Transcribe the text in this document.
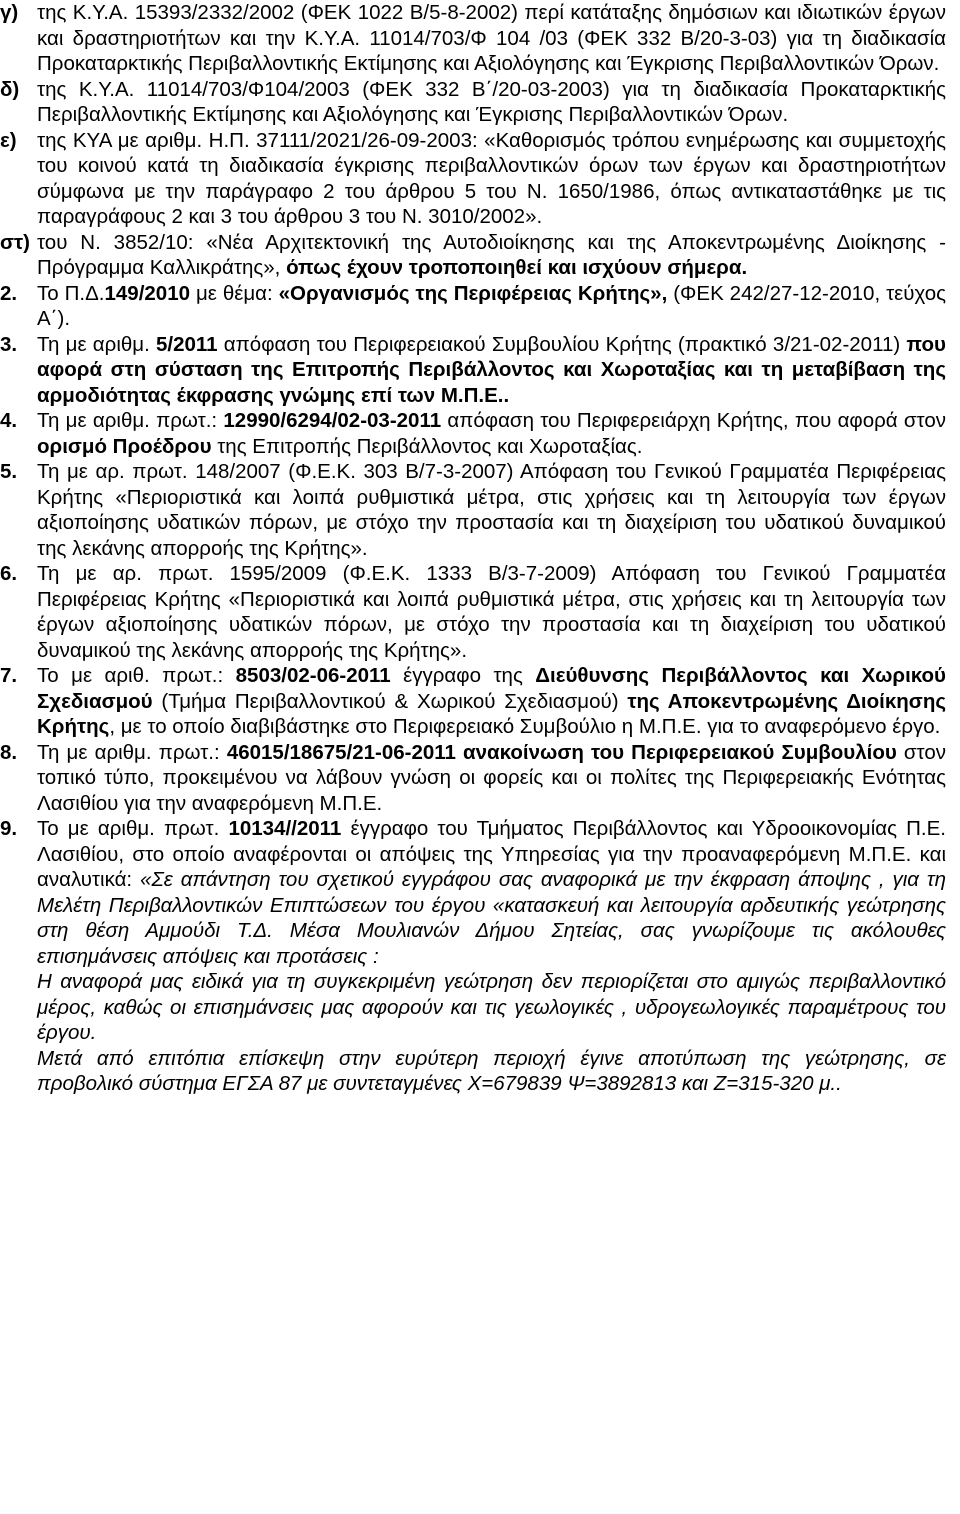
γ) της Κ.Υ.Α. 15393/2332/2002 (ΦΕΚ 1022 Β/5-8-2002) περί κατάταξης δημόσιων και ιδιωτικών έργων και δραστηριοτήτων και την Κ.Υ.Α. 11014/703/Φ 104 /03 (ΦΕΚ 332 Β/20-3-03) για τη διαδικασία Προκαταρκτικής Περιβαλλοντικής Εκτίμησης και Αξιολόγησης και Έγκρισης Περιβαλλοντικών Όρων.
δ) της Κ.Υ.Α. 11014/703/Φ104/2003 (ΦΕΚ 332 Β΄/20-03-2003) για τη διαδικασία Προκαταρκτικής Περιβαλλοντικής Εκτίμησης και Αξιολόγησης και Έγκρισης Περιβαλλοντικών Όρων.
ε) της ΚΥΑ με αριθμ. Η.Π. 37111/2021/26-09-2003: «Καθορισμός τρόπου ενημέρωσης και συμμετοχής του κοινού κατά τη διαδικασία έγκρισης περιβαλλοντικών όρων των έργων και δραστηριοτήτων σύμφωνα με την παράγραφο 2 του άρθρου 5 του Ν. 1650/1986, όπως αντικαταστάθηκε με τις παραγράφους 2 και 3 του άρθρου 3 του Ν. 3010/2002».
στ) του Ν. 3852/10: «Νέα Αρχιτεκτονική της Αυτοδιοίκησης και της Αποκεντρωμένης Διοίκησης - Πρόγραμμα Καλλικράτης», όπως έχουν τροποποιηθεί και ισχύουν σήμερα.
2. Το Π.Δ.149/2010 με θέμα: «Οργανισμός της Περιφέρειας Κρήτης», (ΦΕΚ 242/27-12-2010, τεύχος Α΄).
3. Τη με αριθμ. 5/2011 απόφαση του Περιφερειακού Συμβουλίου Κρήτης (πρακτικό 3/21-02-2011) που αφορά στη σύσταση της Επιτροπής Περιβάλλοντος και Χωροταξίας και τη μεταβίβαση της αρμοδιότητας έκφρασης γνώμης επί των Μ.Π.Ε..
4. Τη με αριθμ. πρωτ.: 12990/6294/02-03-2011 απόφαση του Περιφερειάρχη Κρήτης, που αφορά στον ορισμό Προέδρου της Επιτροπής Περιβάλλοντος και Χωροταξίας.
5. Τη με αρ. πρωτ. 148/2007 (Φ.Ε.Κ. 303 Β/7-3-2007) Απόφαση του Γενικού Γραμματέα Περιφέρειας Κρήτης «Περιοριστικά και λοιπά ρυθμιστικά μέτρα, στις χρήσεις και τη λειτουργία των έργων αξιοποίησης υδατικών πόρων, με στόχο την προστασία και τη διαχείριση του υδατικού δυναμικού της λεκάνης απορροής της Κρήτης».
6. Τη με αρ. πρωτ. 1595/2009 (Φ.Ε.Κ. 1333 Β/3-7-2009) Απόφαση του Γενικού Γραμματέα Περιφέρειας Κρήτης «Περιοριστικά και λοιπά ρυθμιστικά μέτρα, στις χρήσεις και τη λειτουργία των έργων αξιοποίησης υδατικών πόρων, με στόχο την προστασία και τη διαχείριση του υδατικού δυναμικού της λεκάνης απορροής της Κρήτης».
7. Το με αριθ. πρωτ.: 8503/02-06-2011 έγγραφο της Διεύθυνσης Περιβάλλοντος και Χωρικού Σχεδιασμού (Τμήμα Περιβαλλοντικού & Χωρικού Σχεδιασμού) της Αποκεντρωμένης Διοίκησης Κρήτης, με το οποίο διαβιβάστηκε στο Περιφερειακό Συμβούλιο η Μ.Π.Ε. για το αναφερόμενο έργο.
8. Τη με αριθμ. πρωτ.: 46015/18675/21-06-2011 ανακοίνωση του Περιφερειακού Συμβουλίου στον τοπικό τύπο, προκειμένου να λάβουν γνώση οι φορείς και οι πολίτες της Περιφερειακής Ενότητας Λασιθίου για την αναφερόμενη Μ.Π.Ε.
9. Το με αριθμ. πρωτ. 10134//2011 έγγραφο του Τμήματος Περιβάλλοντος και Υδροοικονομίας Π.Ε. Λασιθίου, στο οποίο αναφέρονται οι απόψεις της Υπηρεσίας για την προαναφερόμενη Μ.Π.Ε. και αναλυτικά: «Σε απάντηση του σχετικού εγγράφου σας αναφορικά με την έκφραση άποψης , για τη Μελέτη Περιβαλλοντικών Επιπτώσεων του έργου «κατασκευή και λειτουργία αρδευτικής γεώτρησης στη θέση Αμμούδι Τ.Δ. Μέσα Μουλιανών Δήμου Σητείας, σας γνωρίζουμε τις ακόλουθες επισημάνσεις απόψεις και προτάσεις :
Η αναφορά μας ειδικά για τη συγκεκριμένη γεώτρηση δεν περιορίζεται στο αμιγώς περιβαλλοντικό μέρος, καθώς οι επισημάνσεις μας αφορούν και τις γεωλογικές , υδρογεωλογικές παραμέτρους του έργου.
Μετά από επιτόπια επίσκεψη στην ευρύτερη περιοχή έγινε αποτύπωση της γεώτρησης, σε προβολικό σύστημα ΕΓΣΑ 87 με συντεταγμένες Χ=679839 Ψ=3892813 και Ζ=315-320 μ..
